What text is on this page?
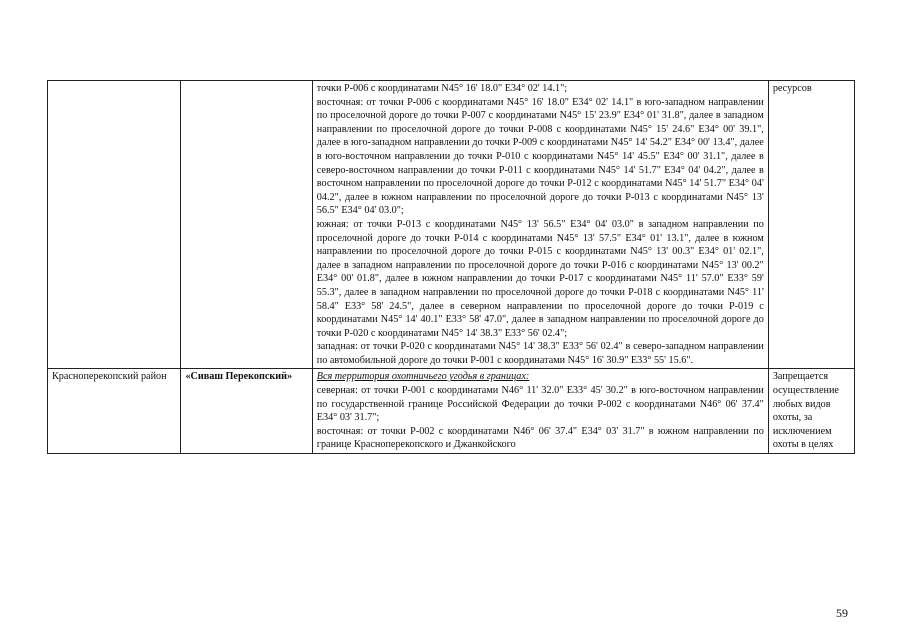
		точки Р-006 с координатами N45° 16' 18.0" E34° 02' 14.1";

восточная: от точки Р-006 с координатами N45° 16' 18.0" E34° 02' 14.1" в юго-западном направлении по проселочной дороге до точки Р-007 с координатами N45° 15' 23.9" E34° 01' 31.8", далее в западном направлении по проселочной дороге до точки Р-008 с координатами N45° 15' 24.6" E34° 00' 39.1", далее в юго-западном направлении до точки Р-009 с координатами N45° 14' 54.2" E34° 00' 13.4", далее в юго-восточном направлении до точки Р-010 с координатами N45° 14' 45.5" E34° 00' 31.1", далее в северо-восточном направлении до точки Р-011 с координатами N45° 14' 51.7" E34° 04' 04.2", далее в восточном направлении по проселочной дороге до точки Р-012 с координатами N45° 14' 51.7" E34° 04' 04.2", далее в южном направлении по проселочной дороге до точки Р-013 с координатами N45° 13' 56.5" E34° 04' 03.0";

южная: от точки Р-013 с координатами N45° 13' 56.5" E34° 04' 03.0" в западном направлении по проселочной дороге до точки Р-014 с координатами N45° 13' 57.5" E34° 01' 13.1", далее в южном направлении по проселочной дороге до точки Р-015 с координатами N45° 13' 00.3" E34° 01' 02.1", далее в западном направлении по проселочной дороге до точки Р-016 с координатами N45° 13' 00.2" E34° 00' 01.8", далее в южном направлении до точки Р-017 с координатами N45° 11' 57.0" E33° 59' 55.3", далее в западном направлении по проселочной дороге до точки Р-018 с координатами N45° 11' 58.4" E33° 58' 24.5", далее в северном направлении по проселочной дороге до точки Р-019 с координатами N45° 14' 40.1" E33° 58' 47.0", далее в западном направлении по проселочной дороге до точки Р-020 с координатами N45° 14' 38.3" E33° 56' 02.4";

западная: от точки Р-020 с координатами N45° 14' 38.3" E33° 56' 02.4" в северо-западном направлении по автомобильной дороге до точки Р-001 с координатами N45° 16' 30.9" E33° 55' 15.6".	ресурсов
Красноперекопский район	«Сиваш Перекопский»	Вся территория охотничьего угодья в границах:

северная: от точки Р-001 с координатами N46° 11' 32.0" E33° 45' 30.2" в юго-восточном направлении по государственной границе Российской Федерации до точки Р-002 с координатами N46° 06' 37.4" E34° 03' 31.7";

восточная: от точки Р-002 с координатами N46° 06' 37.4" E34° 03' 31.7" в южном направлении по границе Красноперекопского и Джанкойского	Запрещается осуществление любых видов охоты, за исключением охоты в целях
59
